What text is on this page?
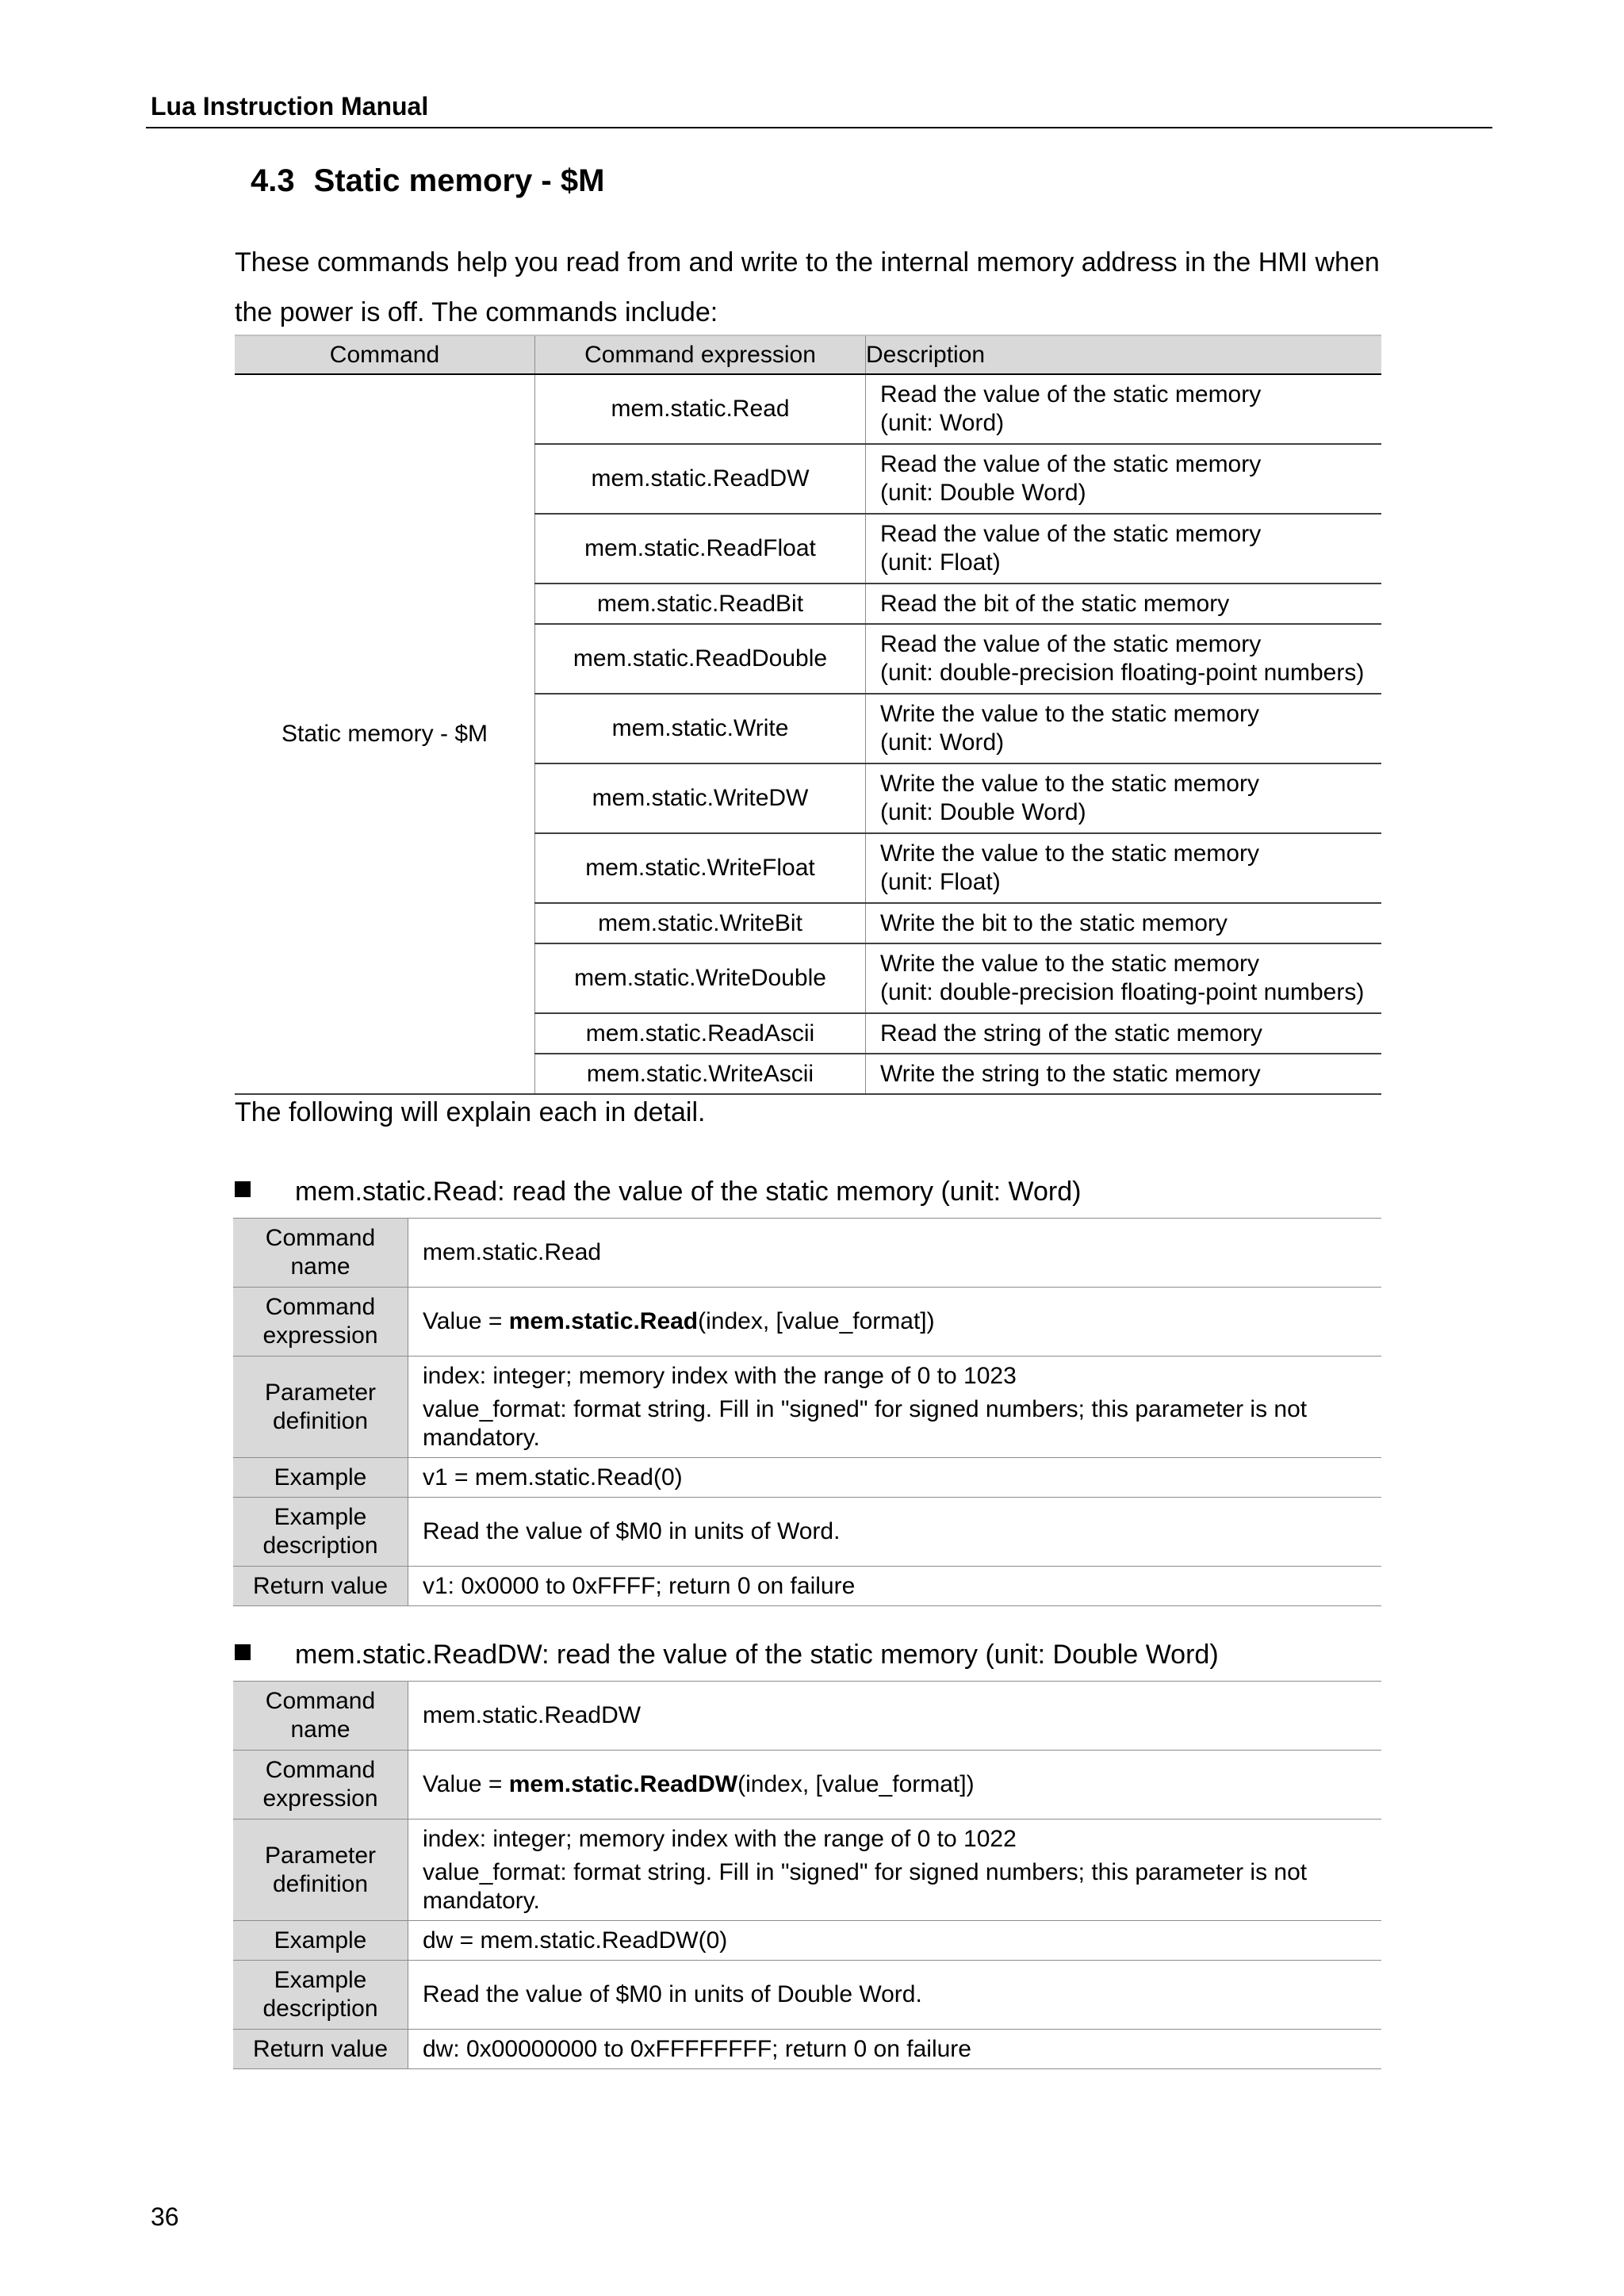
Lua Instruction Manual
4.3 Static memory - $M

These commands help you read from and write to the internal memory address in the HMI when

the power is off. The commands include:

Command	Command expression	Description
Static memory - $M	mem.static.Read	Read the value of the static memory
(unit: Word)
	mem.static.ReadDW	Read the value of the static memory
(unit: Double Word)
	mem.static.ReadFloat	Read the value of the static memory
(unit: Float)
	mem.static.ReadBit	Read the bit of the static memory
	mem.static.ReadDouble	Read the value of the static memory
(unit: double-precision floating-point numbers)
	mem.static.Write	Write the value to the static memory
(unit: Word)
	mem.static.WriteDW	Write the value to the static memory
(unit: Double Word)
	mem.static.WriteFloat	Write the value to the static memory
(unit: Float)
	mem.static.WriteBit	Write the bit to the static memory
	mem.static.WriteDouble	Write the value to the static memory
(unit: double-precision floating-point numbers)
	mem.static.ReadAscii	Read the string of the static memory
	mem.static.WriteAscii	Write the string to the static memory
The following will explain each in detail.
mem.static.Read: read the value of the static memory (unit: Word)
Command
name	mem.static.Read
Command
expression	Value = mem.static.Read(index, [value_format])
Parameter
definition	index: integer; memory index with the range of 0 to 1023
value_format: format string. Fill in "signed" for signed numbers; this parameter is not
mandatory.

Example	v1 = mem.static.Read(0)
Example
description	Read the value of $M0 in units of Word.
Return value	v1: 0x0000 to 0xFFFF; return 0 on failure
mem.static.ReadDW: read the value of the static memory (unit: Double Word)
Command
name	mem.static.ReadDW
Command
expression	Value = mem.static.ReadDW(index, [value_format])
Parameter
definition	index: integer; memory index with the range of 0 to 1022
value_format: format string. Fill in "signed" for signed numbers; this parameter is not
mandatory.

Example	dw = mem.static.ReadDW(0)
Example
description	Read the value of $M0 in units of Double Word.
Return value	dw: 0x00000000 to 0xFFFFFFFF; return 0 on failure
36
